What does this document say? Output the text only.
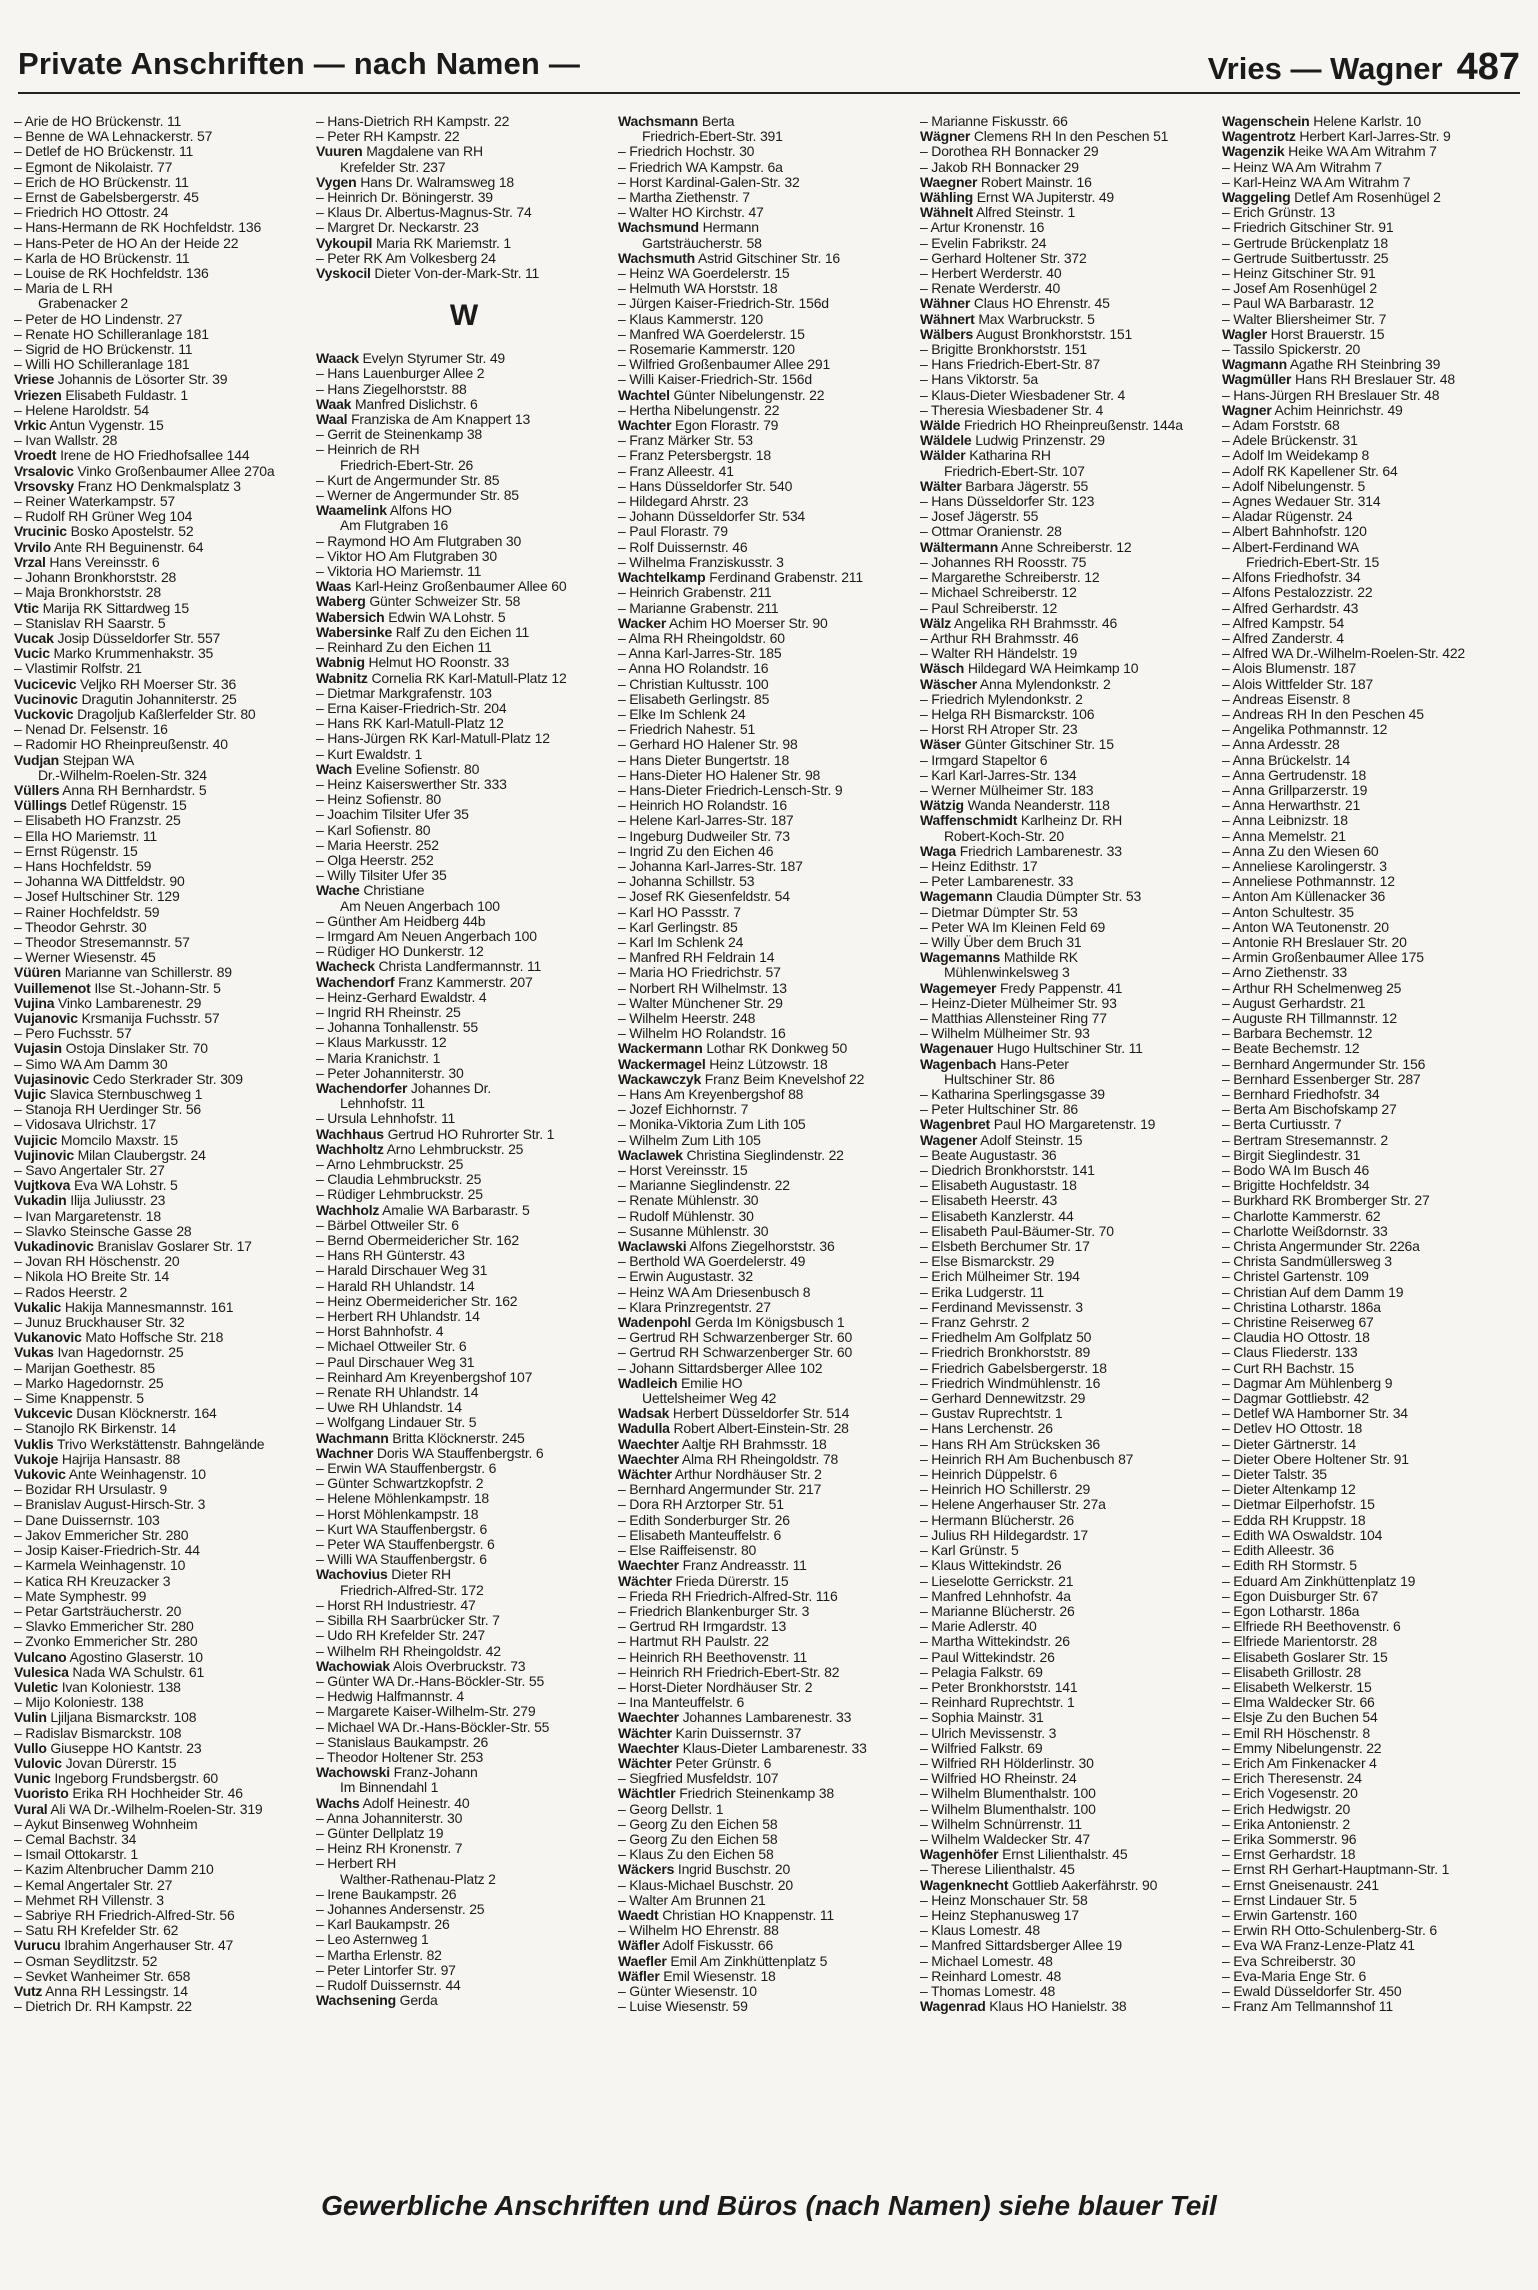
Private Anschriften — nach Namen —	Vries — Wagner 487
– Arie de HO Brückenstr. 11
– Benne de WA Lehnackerstr. 57
– Detlef de HO Brückenstr. 11
– Egmont de Nikolaistr. 77
– Erich de HO Brückenstr. 11
– Ernst de Gabelsbergerstr. 45
– Friedrich HO Ottostr. 24
– Hans-Hermann de RK Hochfeldstr. 136
– Hans-Peter de HO An der Heide 22
– Karla de HO Brückenstr. 11
– Louise de RK Hochfeldstr. 136
– Maria de L RH
Grabenacker 2
– Peter de HO Lindenstr. 27
– Renate HO Schilleranlage 181
– Sigrid de HO Brückenstr. 11
– Willi HO Schilleranlage 181
Vriese Johannis de Lösorter Str. 39
Vriezen Elisabeth Fuldastr. 1
– Helene Haroldstr. 54
Vrkic Antun Vygenstr. 15
– Ivan Wallstr. 28
Vroedt Irene de HO Friedhofsallee 144
Vrsalovic Vinko Großenbaumer Allee 270a
Vrsovsky Franz HO Denkmalsplatz 3
– Reiner Waterkampstr. 57
– Rudolf RH Grüner Weg 104
Vrucinic Bosko Apostelstr. 52
Vrvilo Ante RH Beguinenstr. 64
Vrzal Hans Vereinsstr. 6
– Johann Bronkhorststr. 28
– Maja Bronkhorststr. 28
Vtic Marija RK Sittardweg 15
– Stanislav RH Saarstr. 5
Vucak Josip Düsseldorfer Str. 557
Vucic Marko Krummenhakstr. 35
– Vlastimir Rolfstr. 21
Vucicevic Veljko RH Moerser Str. 36
Vucinovic Dragutin Johanniterstr. 25
Vuckovic Dragoljub Kaßlerfelder Str. 80
– Nenad Dr. Felsenstr. 16
– Radomir HO Rheinpreußenstr. 40
Vudjan Stejpan WA
Dr.-Wilhelm-Roelen-Str. 324
Vüllers Anna RH Bernhardstr. 5
Vüllings Detlef Rügenstr. 15
– Elisabeth HO Franzstr. 25
– Ella HO Mariemstr. 11
– Ernst Rügenstr. 15
– Hans Hochfeldstr. 59
– Johanna WA Dittfeldstr. 90
– Josef Hultschiner Str. 129
– Rainer Hochfeldstr. 59
– Theodor Gehrstr. 30
– Theodor Stresemannstr. 57
– Werner Wiesenstr. 45
Vüüren Marianne van Schillerstr. 89
Vuillemenot Ilse St.-Johann-Str. 5
Vujina Vinko Lambarenestr. 29
Vujanovic Krsmanija Fuchsstr. 57
– Pero Fuchsstr. 57
Vujasin Ostoja Dinslaker Str. 70
– Simo WA Am Damm 30
Vujasinovic Cedo Sterkrader Str. 309
Vujic Slavica Sternbuschweg 1
– Stanoja RH Uerdinger Str. 56
– Vidosava Ulrichstr. 17
Vujicic Momcilo Maxstr. 15
Vujinovic Milan Claubergstr. 24
– Savo Angertaler Str. 27
Vujtkova Eva WA Lohstr. 5
Vukadin Ilija Juliusstr. 23
– Ivan Margaretenstr. 18
– Slavko Steinsche Gasse 28
Vukadinovic Branislav Goslarer Str. 17
– Jovan RH Höschenstr. 20
– Nikola HO Breite Str. 14
– Rados Heerstr. 2
Vukalic Hakija Mannesmannstr. 161
– Junuz Bruckhauser Str. 32
Vukanovic Mato Hoffsche Str. 218
Vukas Ivan Hagedornstr. 25
– Marijan Goethestr. 85
– Marko Hagedornstr. 25
– Sime Knappenstr. 5
Vukcevic Dusan Klöcknerstr. 164
– Stanojlo RK Birkenstr. 14
Vuklis Trivo Werkstättenstr. Bahngelände
Vukoje Hajrija Hansastr. 88
Vukovic Ante Weinhagenstr. 10
– Bozidar RH Ursulastr. 9
– Branislav August-Hirsch-Str. 3
– Dane Duissernstr. 103
– Jakov Emmericher Str. 280
– Josip Kaiser-Friedrich-Str. 44
– Karmela Weinhagenstr. 10
– Katica RH Kreuzacker 3
– Mate Symphestr. 99
– Petar Gartsträucherstr. 20
– Slavko Emmericher Str. 280
– Zvonko Emmericher Str. 280
Vulcano Agostino Glaserstr. 10
Vulesica Nada WA Schulstr. 61
Vuletic Ivan Koloniestr. 138
– Mijo Koloniestr. 138
Vulin Ljiljana Bismarckstr. 108
– Radislav Bismarckstr. 108
Vullo Giuseppe HO Kantstr. 23
Vulovic Jovan Dürerstr. 15
Vunic Ingeborg Frundsbergstr. 60
Vuoristo Erika RH Hochheider Str. 46
Vural Ali WA Dr.-Wilhelm-Roelen-Str. 319
– Aykut Binsenweg Wohnheim
– Cemal Bachstr. 34
– Ismail Ottokarstr. 1
– Kazim Altenbrucher Damm 210
– Kemal Angertaler Str. 27
– Mehmet RH Villenstr. 3
– Sabriye RH Friedrich-Alfred-Str. 56
– Satu RH Krefelder Str. 62
Vurucu Ibrahim Angerhauser Str. 47
– Osman Seydlitzstr. 52
– Sevket Wanheimer Str. 658
Vutz Anna RH Lessingstr. 14
– Dietrich Dr. RH Kampstr. 22
– Hans-Dietrich RH Kampstr. 22
– Peter RH Kampstr. 22
Vuuren Magdalene van RH
Krefelder Str. 237
Vygen Hans Dr. Walramsweg 18
– Heinrich Dr. Böningerstr. 39
– Klaus Dr. Albertus-Magnus-Str. 74
– Margret Dr. Neckarstr. 23
Vykoupil Maria RK Mariemstr. 1
– Peter RK Am Volkesberg 24
Vyskocil Dieter Von-der-Mark-Str. 11
W
Waack Evelyn Styrumer Str. 49
– Hans Lauenburger Allee 2
– Hans Ziegelhorststr. 88
Waak Manfred Dislichstr. 6
Waal Franziska de Am Knappert 13
– Gerrit de Steinenkamp 38
– Heinrich de RH
Friedrich-Ebert-Str. 26
– Kurt de Angermunder Str. 85
– Werner de Angermunder Str. 85
Waamelink Alfons HO
Am Flutgraben 16
– Raymond HO Am Flutgraben 30
– Viktor HO Am Flutgraben 30
– Viktoria HO Mariemstr. 11
Waas Karl-Heinz Großenbaumer Allee 60
Waberg Günter Schweizer Str. 58
Wabersich Edwin WA Lohstr. 5
Wabersinke Ralf Zu den Eichen 11
– Reinhard Zu den Eichen 11
Wabnig Helmut HO Roonstr. 33
Wabnitz Cornelia RK Karl-Matull-Platz 12
– Dietmar Markgrafenstr. 103
– Erna Kaiser-Friedrich-Str. 204
– Hans RK Karl-Matull-Platz 12
– Hans-Jürgen RK Karl-Matull-Platz 12
– Kurt Ewaldstr. 1
Wach Eveline Sofienstr. 80
– Heinz Kaiserswerther Str. 333
– Heinz Sofienstr. 80
– Joachim Tilsiter Ufer 35
– Karl Sofienstr. 80
– Maria Heerstr. 252
– Olga Heerstr. 252
– Willy Tilsiter Ufer 35
Wache Christiane
Am Neuen Angerbach 100
– Günther Am Heidberg 44b
– Irmgard Am Neuen Angerbach 100
– Rüdiger HO Dunkerstr. 12
Wacheck Christa Landfermannstr. 11
Wachendorf Franz Kammerstr. 207
– Heinz-Gerhard Ewaldstr. 4
– Ingrid RH Rheinstr. 25
– Johanna Tonhallenstr. 55
– Klaus Markusstr. 12
– Maria Kranichstr. 1
– Peter Johanniterstr. 30
Wachendorfer Johannes Dr.
Lehnhofstr. 11
– Ursula Lehnhofstr. 11
Wachhaus Gertrud HO Ruhrorter Str. 1
Wachholtz Arno Lehmbruckstr. 25
– Arno Lehmbruckstr. 25
– Claudia Lehmbruckstr. 25
– Rüdiger Lehmbruckstr. 25
Wachholz Amalie WA Barbarastr. 5
– Bärbel Ottweiler Str. 6
– Bernd Obermeidericher Str. 162
– Hans RH Günterstr. 43
– Harald Dirschauer Weg 31
– Harald RH Uhlandstr. 14
– Heinz Obermeidericher Str. 162
– Herbert RH Uhlandstr. 14
– Horst Bahnhofstr. 4
– Michael Ottweiler Str. 6
– Paul Dirschauer Weg 31
– Reinhard Am Kreyenbergshof 107
– Renate RH Uhlandstr. 14
– Uwe RH Uhlandstr. 14
– Wolfgang Lindauer Str. 5
Wachmann Britta Klöcknerstr. 245
Wachner Doris WA Stauffenbergstr. 6
– Erwin WA Stauffenbergstr. 6
– Günter Schwartzkopfstr. 2
– Helene Möhlenkampstr. 18
– Horst Möhlenkampstr. 18
– Kurt WA Stauffenbergstr. 6
– Peter WA Stauffenbergstr. 6
– Willi WA Stauffenbergstr. 6
Wachovius Dieter RH
Friedrich-Alfred-Str. 172
– Horst RH Industriestr. 47
– Sibilla RH Saarbrücker Str. 7
– Udo RH Krefelder Str. 247
– Wilhelm RH Rheingoldstr. 42
Wachowiak Alois Overbruckstr. 73
– Günter WA Dr.-Hans-Böckler-Str. 55
– Hedwig Halfmannstr. 4
– Margarete Kaiser-Wilhelm-Str. 279
– Michael WA Dr.-Hans-Böckler-Str. 55
– Stanislaus Baukampstr. 26
– Theodor Holtener Str. 253
Wachowski Franz-Johann
Im Binnendahl 1
Wachs Adolf Heinestr. 40
– Anna Johanniterstr. 30
– Günter Dellplatz 19
– Heinz RH Kronenstr. 7
– Herbert RH
Walther-Rathenau-Platz 2
– Irene Baukampstr. 26
– Johannes Andersenstr. 25
– Karl Baukampstr. 26
– Leo Asternweg 1
– Martha Erlenstr. 82
– Peter Lintorfer Str. 97
– Rudolf Duissernstr. 44
Wachsening Gerda
Wachsmann Berta
Friedrich-Ebert-Str. 391
– Friedrich Hochstr. 30
– Friedrich WA Kampstr. 6a
– Horst Kardinal-Galen-Str. 32
– Martha Ziethenstr. 7
– Walter HO Kirchstr. 47
Wachsmund Hermann
Gartsträucherstr. 58
Wachsmuth Astrid Gitschiner Str. 16
– Heinz WA Goerdelerstr. 15
– Helmuth WA Horststr. 18
– Jürgen Kaiser-Friedrich-Str. 156d
– Klaus Kammerstr. 120
– Manfred WA Goerdelerstr. 15
– Rosemarie Kammerstr. 120
– Wilfried Großenbaumer Allee 291
– Willi Kaiser-Friedrich-Str. 156d
Wachtel Günter Nibelungenstr. 22
– Hertha Nibelungenstr. 22
Wachter Egon Florastr. 79
– Franz Märker Str. 53
– Franz Petersbergstr. 18
– Franz Alleestr. 41
– Hans Düsseldorfer Str. 540
– Hildegard Ahrstr. 23
– Johann Düsseldorfer Str. 534
– Paul Florastr. 79
– Rolf Duissernstr. 46
– Wilhelma Franziskusstr. 3
Wachtelkamp Ferdinand Grabenstr. 211
– Heinrich Grabenstr. 211
– Marianne Grabenstr. 211
Wacker Achim HO Moerser Str. 90
– Alma RH Rheingoldstr. 60
– Anna Karl-Jarres-Str. 185
– Anna HO Rolandstr. 16
– Christian Kultusstr. 100
– Elisabeth Gerlingstr. 85
– Elke Im Schlenk 24
– Friedrich Nahestr. 51
– Gerhard HO Halener Str. 98
– Hans Dieter Bungertstr. 18
– Hans-Dieter HO Halener Str. 98
– Hans-Dieter Friedrich-Lensch-Str. 9
– Heinrich HO Rolandstr. 16
– Helene Karl-Jarres-Str. 187
– Ingeburg Dudweiler Str. 73
– Ingrid Zu den Eichen 46
– Johanna Karl-Jarres-Str. 187
– Johanna Schillstr. 53
– Josef RK Giesenfeldstr. 54
– Karl HO Passstr. 7
– Karl Gerlingstr. 85
– Karl Im Schlenk 24
– Manfred RH Feldrain 14
– Maria HO Friedrichstr. 57
– Norbert RH Wilhelmstr. 13
– Walter Münchener Str. 29
– Wilhelm Heerstr. 248
– Wilhelm HO Rolandstr. 16
Wackermann Lothar RK Donkweg 50
Wackermagel Heinz Lützowstr. 18
Wackawczyk Franz Beim Knevelshof 22
– Hans Am Kreyenbergshof 88
– Jozef Eichhornstr. 7
– Monika-Viktoria Zum Lith 105
– Wilhelm Zum Lith 105
Waclawek Christina Sieglindenstr. 22
– Horst Vereinsstr. 15
– Marianne Sieglindenstr. 22
– Renate Mühlenstr. 30
– Rudolf Mühlenstr. 30
– Susanne Mühlenstr. 30
Waclawski Alfons Ziegelhorststr. 36
– Berthold WA Goerdelerstr. 49
– Erwin Augustastr. 32
– Heinz WA Am Driesenbusch 8
– Klara Prinzregentstr. 27
Wadenpohl Gerda Im Königsbusch 1
– Gertrud RH Schwarzenberger Str. 60
– Gertrud RH Schwarzenberger Str. 60
– Johann Sittardsberger Allee 102
Wadleich Emilie HO
Uettelsheimer Weg 42
Wadsak Herbert Düsseldorfer Str. 514
Wadulla Robert Albert-Einstein-Str. 28
Waechter Aaltje RH Brahmsstr. 18
Waechter Alma RH Rheingoldstr. 78
Wächter Arthur Nordhäuser Str. 2
– Bernhard Angermunder Str. 217
– Dora RH Arztorper Str. 51
– Edith Sonderburger Str. 26
– Elisabeth Manteuffelstr. 6
– Else Raiffeisenstr. 80
Waechter Franz Andreasstr. 11
Wächter Frieda Dürerstr. 15
– Frieda RH Friedrich-Alfred-Str. 116
– Friedrich Blankenburger Str. 3
– Gertrud RH Irmgardstr. 13
– Hartmut RH Paulstr. 22
– Heinrich RH Beethovenstr. 11
– Heinrich RH Friedrich-Ebert-Str. 82
– Horst-Dieter Nordhäuser Str. 2
– Ina Manteuffelstr. 6
Waechter Johannes Lambarenestr. 33
Wächter Karin Duissernstr. 37
Waechter Klaus-Dieter Lambarenestr. 33
Wächter Peter Grünstr. 6
– Siegfried Musfeldstr. 107
Wächtler Friedrich Steinenkamp 38
– Georg Dellstr. 1
– Georg Zu den Eichen 58
– Georg Zu den Eichen 58
– Klaus Zu den Eichen 58
Wäckers Ingrid Buschstr. 20
– Klaus-Michael Buschstr. 20
– Walter Am Brunnen 21
Waedt Christian HO Knappenstr. 11
– Wilhelm HO Ehrenstr. 88
Wäfler Adolf Fiskusstr. 66
Waefler Emil Am Zinkhüttenplatz 5
Wäfler Emil Wiesenstr. 18
– Günter Wiesenstr. 10
– Luise Wiesenstr. 59
– Marianne Fiskusstr. 66
Wägner Clemens RH In den Peschen 51
– Dorothea RH Bonnacker 29
– Jakob RH Bonnacker 29
Waegner Robert Mainstr. 16
Wähling Ernst WA Jupiterstr. 49
Wähnelt Alfred Steinstr. 1
– Artur Kronenstr. 16
– Evelin Fabrikstr. 24
– Gerhard Holtener Str. 372
– Herbert Werderstr. 40
– Renate Werderstr. 40
Wähner Claus HO Ehrenstr. 45
Wähnert Max Warbruckstr. 5
Wälbers August Bronkhorststr. 151
– Brigitte Bronkhorststr. 151
– Hans Friedrich-Ebert-Str. 87
– Hans Viktorstr. 5a
– Klaus-Dieter Wiesbadener Str. 4
– Theresia Wiesbadener Str. 4
Wälde Friedrich HO Rheinpreußenstr. 144a
Wäldele Ludwig Prinzenstr. 29
Wälder Katharina RH
Friedrich-Ebert-Str. 107
Wälter Barbara Jägerstr. 55
– Hans Düsseldorfer Str. 123
– Josef Jägerstr. 55
– Ottmar Oranienstr. 28
Wältermann Anne Schreiberstr. 12
– Johannes RH Roosstr. 75
– Margarethe Schreiberstr. 12
– Michael Schreiberstr. 12
– Paul Schreiberstr. 12
Wälz Angelika RH Brahmsstr. 46
– Arthur RH Brahmsstr. 46
– Walter RH Händelstr. 19
Wäsch Hildegard WA Heimkamp 10
Wäscher Anna Mylendonkstr. 2
– Friedrich Mylendonkstr. 2
– Helga RH Bismarckstr. 106
– Horst RH Atroper Str. 23
Wäser Günter Gitschiner Str. 15
– Irmgard Stapeltor 6
– Karl Karl-Jarres-Str. 134
– Werner Mülheimer Str. 183
Wätzig Wanda Neanderstr. 118
Waffenschmidt Karlheinz Dr. RH
Robert-Koch-Str. 20
Waga Friedrich Lambarenestr. 33
– Heinz Edithstr. 17
– Peter Lambarenestr. 33
Wagemann Claudia Dümpter Str. 53
– Dietmar Dümpter Str. 53
– Peter WA Im Kleinen Feld 69
– Willy Über dem Bruch 31
Wagemanns Mathilde RK
Mühlenwinkelsweg 3
Wagemeyer Fredy Pappenstr. 41
– Heinz-Dieter Mülheimer Str. 93
– Matthias Allensteiner Ring 77
– Wilhelm Mülheimer Str. 93
Wagenauer Hugo Hultschiner Str. 11
Wagenbach Hans-Peter
Hultschiner Str. 86
– Katharina Sperlingsgasse 39
– Peter Hultschiner Str. 86
Wagenbret Paul HO Margaretenstr. 19
Wagener Adolf Steinstr. 15
– Beate Augustastr. 36
– Diedrich Bronkhorststr. 141
– Elisabeth Augustastr. 18
– Elisabeth Heerstr. 43
– Elisabeth Kanzlerstr. 44
– Elisabeth Paul-Bäumer-Str. 70
– Elsbeth Berchumer Str. 17
– Else Bismarckstr. 29
– Erich Mülheimer Str. 194
– Erika Ludgerstr. 11
– Ferdinand Mevissenstr. 3
– Franz Gehrstr. 2
– Friedhelm Am Golfplatz 50
– Friedrich Bronkhorststr. 89
– Friedrich Gabelsbergerstr. 18
– Friedrich Windmühlenstr. 16
– Gerhard Dennewitzstr. 29
– Gustav Ruprechtstr. 1
– Hans Lerchenstr. 26
– Hans RH Am Strücksken 36
– Heinrich RH Am Buchenbusch 87
– Heinrich Düppelstr. 6
– Heinrich HO Schillerstr. 29
– Helene Angerhauser Str. 27a
– Hermann Blücherstr. 26
– Julius RH Hildegardstr. 17
– Karl Grünstr. 5
– Klaus Wittekindstr. 26
– Lieselotte Gerrickstr. 21
– Manfred Lehnhofstr. 4a
– Marianne Blücherstr. 26
– Marie Adlerstr. 40
– Martha Wittekindstr. 26
– Paul Wittekindstr. 26
– Pelagia Falkstr. 69
– Peter Bronkhorststr. 141
– Reinhard Ruprechtstr. 1
– Sophia Mainstr. 31
– Ulrich Mevissenstr. 3
– Wilfried Falkstr. 69
– Wilfried RH Hölderlinstr. 30
– Wilfried HO Rheinstr. 24
– Wilhelm Blumenthalstr. 100
– Wilhelm Blumenthalstr. 100
– Wilhelm Schnürrenstr. 11
– Wilhelm Waldecker Str. 47
Wagenhöfer Ernst Lilienthalstr. 45
– Therese Lilienthalstr. 45
Wagenknecht Gottlieb Aakerfährstr. 90
– Heinz Monschauer Str. 58
– Heinz Stephanusweg 17
– Klaus Lomestr. 48
– Manfred Sittardsberger Allee 19
– Michael Lomestr. 48
– Reinhard Lomestr. 48
– Thomas Lomestr. 48
Wagenrad Klaus HO Hanielstr. 38
Wagenschein Helene Karlstr. 10
Wagentrotz Herbert Karl-Jarres-Str. 9
Wagenzik Heike WA Am Witrahm 7
– Heinz WA Am Witrahm 7
– Karl-Heinz WA Am Witrahm 7
Waggeling Detlef Am Rosenhügel 2
– Erich Grünstr. 13
– Friedrich Gitschiner Str. 91
– Gertrude Brückenplatz 18
– Gertrude Suitbertusstr. 25
– Heinz Gitschiner Str. 91
– Josef Am Rosenhügel 2
– Paul WA Barbarastr. 12
– Walter Bliersheimer Str. 7
Wagler Horst Brauerstr. 15
– Tassilo Spickerstr. 20
Wagmann Agathe RH Steinbring 39
Wagmüller Hans RH Breslauer Str. 48
– Hans-Jürgen RH Breslauer Str. 48
Wagner Achim Heinrichstr. 49
– Adam Forststr. 68
– Adele Brückenstr. 31
– Adolf Im Weidekamp 8
– Adolf RK Kapellener Str. 64
– Adolf Nibelungenstr. 5
– Agnes Wedauer Str. 314
– Aladar Rügenstr. 24
– Albert Bahnhofstr. 120
– Albert-Ferdinand WA
Friedrich-Ebert-Str. 15
– Alfons Friedhofstr. 34
– Alfons Pestalozzistr. 22
– Alfred Gerhardstr. 43
– Alfred Kampstr. 54
– Alfred Zanderstr. 4
– Alfred WA Dr.-Wilhelm-Roelen-Str. 422
– Alois Blumenstr. 187
– Alois Wittfelder Str. 187
– Andreas Eisenstr. 8
– Andreas RH In den Peschen 45
– Angelika Pothmannstr. 12
– Anna Ardesstr. 28
– Anna Brückelstr. 14
– Anna Gertrudenstr. 18
– Anna Grillparzerstr. 19
– Anna Herwarthstr. 21
– Anna Leibnizstr. 18
– Anna Memelstr. 21
– Anna Zu den Wiesen 60
– Anneliese Karolingerstr. 3
– Anneliese Pothmannstr. 12
– Anton Am Küllenacker 36
– Anton Schultestr. 35
– Anton WA Teutonenstr. 20
– Antonie RH Breslauer Str. 20
– Armin Großenbaumer Allee 175
– Arno Ziethenstr. 33
– Arthur RH Schelmenweg 25
– August Gerhardstr. 21
– Auguste RH Tillmannstr. 12
– Barbara Bechemstr. 12
– Beate Bechemstr. 12
– Bernhard Angermunder Str. 156
– Bernhard Essenberger Str. 287
– Bernhard Friedhofstr. 34
– Berta Am Bischofskamp 27
– Berta Curtiusstr. 7
– Bertram Stresemannstr. 2
– Birgit Sieglindestr. 31
– Bodo WA Im Busch 46
– Brigitte Hochfeldstr. 34
– Burkhard RK Bromberger Str. 27
– Charlotte Kammerstr. 62
– Charlotte Weißdornstr. 33
– Christa Angermunder Str. 226a
– Christa Sandmüllersweg 3
– Christel Gartenstr. 109
– Christian Auf dem Damm 19
– Christina Lotharstr. 186a
– Christine Reiserweg 67
– Claudia HO Ottostr. 18
– Claus Fliederstr. 133
– Curt RH Bachstr. 15
– Dagmar Am Mühlenberg 9
– Dagmar Gottliebstr. 42
– Detlef WA Hamborner Str. 34
– Detlev HO Ottostr. 18
– Dieter Gärtnerstr. 14
– Dieter Obere Holtener Str. 91
– Dieter Talstr. 35
– Dieter Altenkamp 12
– Dietmar Eilperhofstr. 15
– Edda RH Kruppstr. 18
– Edith WA Oswaldstr. 104
– Edith Alleestr. 36
– Edith RH Stormstr. 5
– Eduard Am Zinkhüttenplatz 19
– Egon Duisburger Str. 67
– Egon Lotharstr. 186a
– Elfriede RH Beethovenstr. 6
– Elfriede Marientorstr. 28
– Elisabeth Goslarer Str. 15
– Elisabeth Grillostr. 28
– Elisabeth Welkerstr. 15
– Elma Waldecker Str. 66
– Elsje Zu den Buchen 54
– Emil RH Höschenstr. 8
– Emmy Nibelungenstr. 22
– Erich Am Finkenacker 4
– Erich Theresenstr. 24
– Erich Vogesenstr. 20
– Erich Hedwigstr. 20
– Erika Antonienstr. 2
– Erika Sommerstr. 96
– Ernst Gerhardstr. 18
– Ernst RH Gerhart-Hauptmann-Str. 1
– Ernst Gneisenaustr. 241
– Ernst Lindauer Str. 5
– Erwin Gartenstr. 160
– Erwin RH Otto-Schulenberg-Str. 6
– Eva WA Franz-Lenze-Platz 41
– Eva Schreiberstr. 30
– Eva-Maria Enge Str. 6
– Ewald Düsseldorfer Str. 450
– Franz Am Tellmannshof 11
Gewerbliche Anschriften und Büros (nach Namen) siehe blauer Teil
